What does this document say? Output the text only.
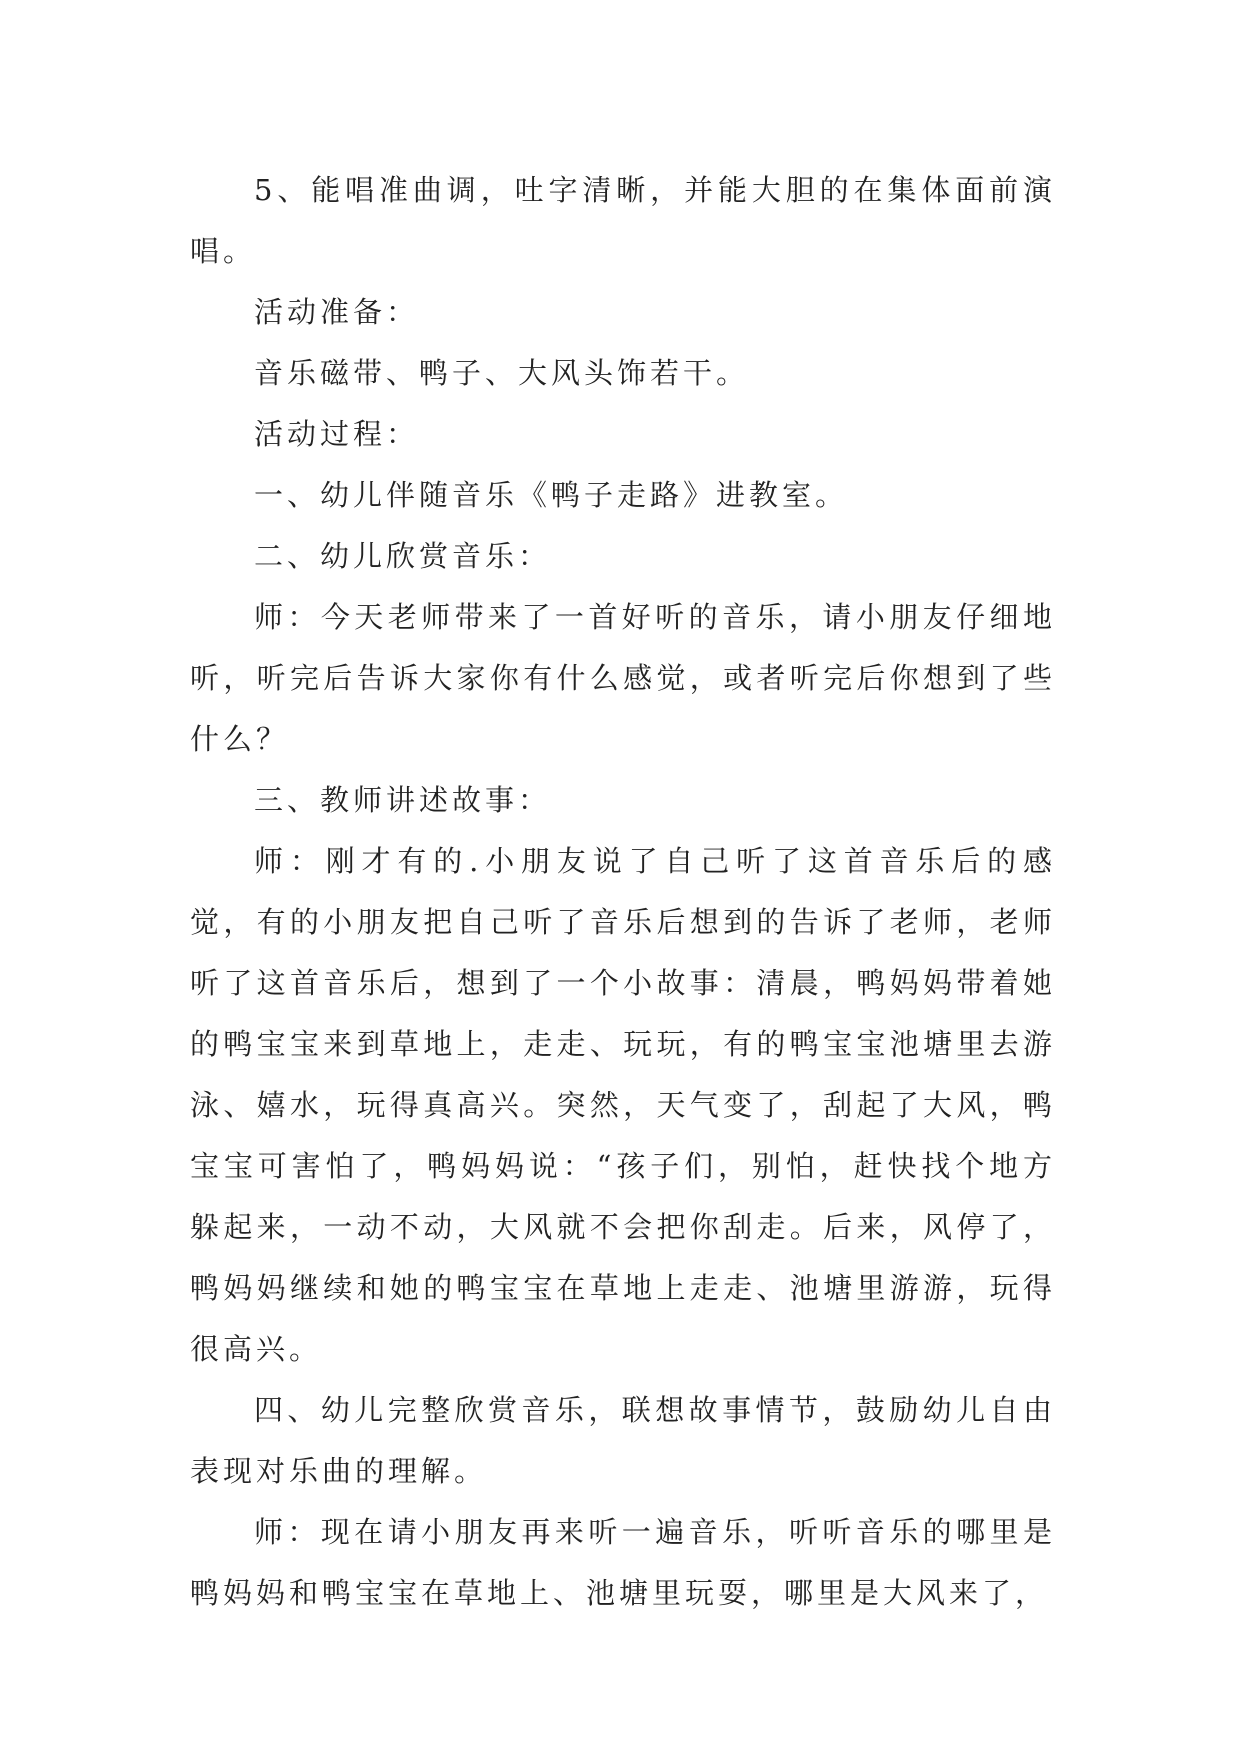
5、能唱准曲调，吐字清晰，并能大胆的在集体面前演唱。

活动准备：

音乐磁带、鸭子、大风头饰若干。

活动过程：

一、幼儿伴随音乐《鸭子走路》进教室。

二、幼儿欣赏音乐：

师：今天老师带来了一首好听的音乐，请小朋友仔细地听，听完后告诉大家你有什么感觉，或者听完后你想到了些什么？

三、教师讲述故事：

师：刚才有的.小朋友说了自己听了这首音乐后的感觉，有的小朋友把自己听了音乐后想到的告诉了老师，老师听了这首音乐后，想到了一个小故事：清晨，鸭妈妈带着她的鸭宝宝来到草地上，走走、玩玩，有的鸭宝宝池塘里去游泳、嬉水，玩得真高兴。突然，天气变了，刮起了大风，鸭宝宝可害怕了，鸭妈妈说：“孩子们，别怕，赶快找个地方躲起来，一动不动，大风就不会把你刮走。后来，风停了，鸭妈妈继续和她的鸭宝宝在草地上走走、池塘里游游，玩得很高兴。

四、幼儿完整欣赏音乐，联想故事情节，鼓励幼儿自由表现对乐曲的理解。

师：现在请小朋友再来听一遍音乐，听听音乐的哪里是鸭妈妈和鸭宝宝在草地上、池塘里玩耍，哪里是大风来了，
